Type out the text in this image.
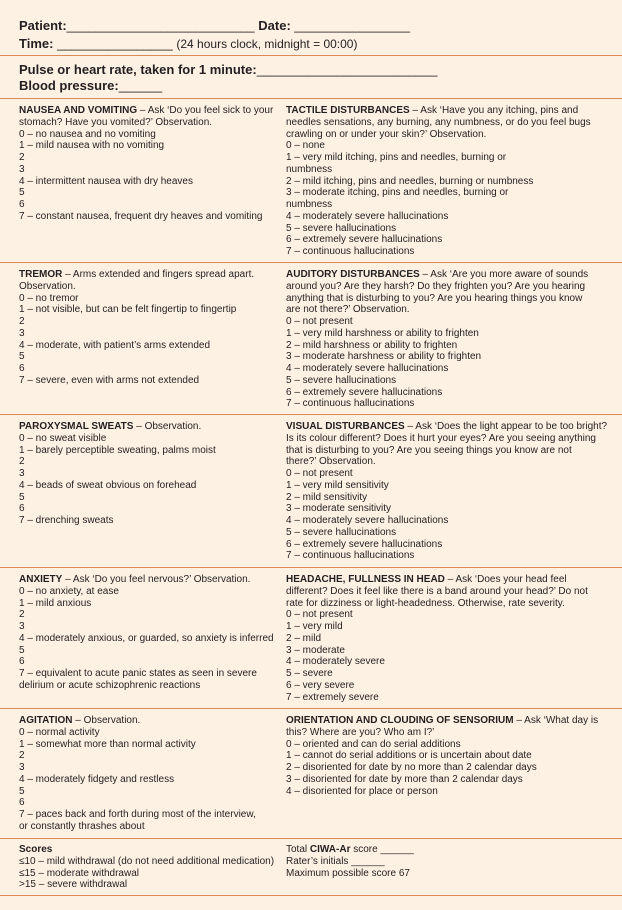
Patient:__________________________ Date: ________________
Time: ________________ (24 hours clock, midnight = 00:00)
Pulse or heart rate, taken for 1 minute:_________________________
Blood pressure:______
NAUSEA AND VOMITING – Ask ‘Do you feel sick to your
stomach? Have you vomited?’ Observation.
0 – no nausea and no vomiting
1 – mild nausea with no vomiting
2
3
4 – intermittent nausea with dry heaves
5
6
7 – constant nausea, frequent dry heaves and vomiting
TACTILE DISTURBANCES – Ask ‘Have you any itching, pins and
needles sensations, any burning, any numbness, or do you feel bugs
crawling on or under your skin?’ Observation.
0 – none
1 – very mild itching, pins and needles, burning or
numbness
2 – mild itching, pins and needles, burning or numbness
3 – moderate itching, pins and needles, burning or
numbness
4 – moderately severe hallucinations
5 – severe hallucinations
6 – extremely severe hallucinations
7 – continuous hallucinations
TREMOR – Arms extended and fingers spread apart.
Observation.
0 – no tremor
1 – not visible, but can be felt fingertip to fingertip
2
3
4 – moderate, with patient’s arms extended
5
6
7 – severe, even with arms not extended
AUDITORY DISTURBANCES – Ask ‘Are you more aware of sounds
around you? Are they harsh? Do they frighten you? Are you hearing
anything that is disturbing to you? Are you hearing things you know
are not there?’ Observation.
0 – not present
1 – very mild harshness or ability to frighten
2 – mild harshness or ability to frighten
3 – moderate harshness or ability to frighten
4 – moderately severe hallucinations
5 – severe hallucinations
6 – extremely severe hallucinations
7 – continuous hallucinations
PAROXYSMAL SWEATS – Observation.
0 – no sweat visible
1 – barely perceptible sweating, palms moist
2
3
4 – beads of sweat obvious on forehead
5
6
7 – drenching sweats
VISUAL DISTURBANCES – Ask ‘Does the light appear to be too bright?
Is its colour different? Does it hurt your eyes? Are you seeing anything
that is disturbing to you? Are you seeing things you know are not
there?’ Observation.
0 – not present
1 – very mild sensitivity
2 – mild sensitivity
3 – moderate sensitivity
4 – moderately severe hallucinations
5 – severe hallucinations
6 – extremely severe hallucinations
7 – continuous hallucinations
ANXIETY – Ask ‘Do you feel nervous?’ Observation.
0 – no anxiety, at ease
1 – mild anxious
2
3
4 – moderately anxious, or guarded, so anxiety is inferred
5
6
7 – equivalent to acute panic states as seen in severe
delirium or acute schizophrenic reactions
HEADACHE, FULLNESS IN HEAD – Ask ‘Does your head feel
different? Does it feel like there is a band around your head?’ Do not
rate for dizziness or light-headedness. Otherwise, rate severity.
0 – not present
1 – very mild
2 – mild
3 – moderate
4 – moderately severe
5 – severe
6 – very severe
7 – extremely severe
AGITATION – Observation.
0 – normal activity
1 – somewhat more than normal activity
2
3
4 – moderately fidgety and restless
5
6
7 – paces back and forth during most of the interview,
or constantly thrashes about
ORIENTATION AND CLOUDING OF SENSORIUM – Ask ‘What day is
this? Where are you? Who am I?’
0 – oriented and can do serial additions
1 – cannot do serial additions or is uncertain about date
2 – disoriented for date by no more than 2 calendar days
3 – disoriented for date by more than 2 calendar days
4 – disoriented for place or person
Scores
≤10 – mild withdrawal (do not need additional medication)
≤15 – moderate withdrawal
>15 – severe withdrawal
Total CIWA-Ar score ______
Rater’s initials ______
Maximum possible score 67
